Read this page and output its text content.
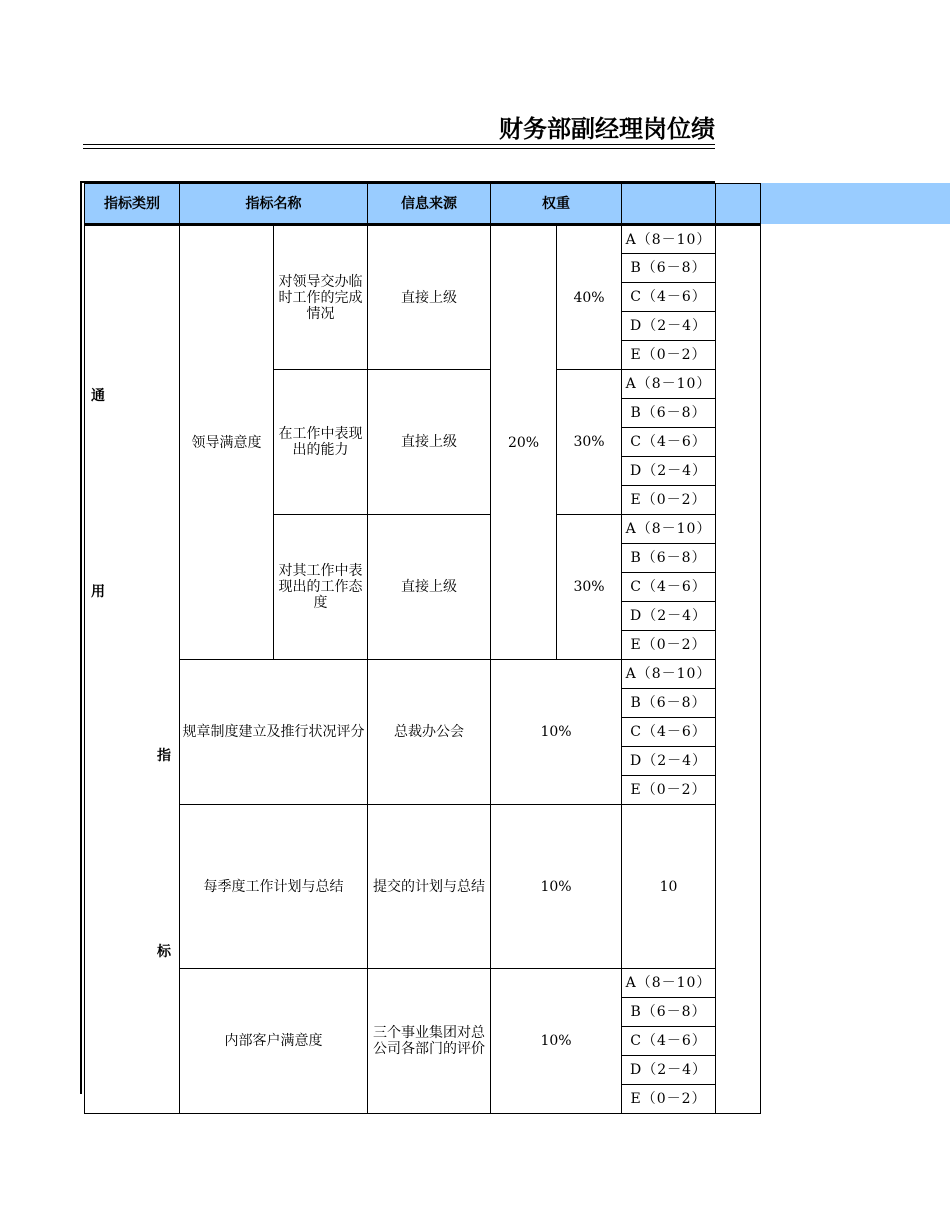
财务部副经理岗位绩
指标类别	指标名称		信息来源	权重			

通
用
指
标	领导满意度	对领导交办临时工作的完成情况	直接上级	20%	40%	A（8－10）	
						B（6－8）	
						C（4－6）	
						D（2－4）	
						E（0－2）	
		在工作中表现出的能力	直接上级		30%	A（8－10）	
						B（6－8）	
						C（4－6）	
						D（2－4）	
						E（0－2）	
		对其工作中表现出的工作态度	直接上级		30%	A（8－10）	
						B（6－8）	
						C（4－6）	
						D（2－4）	
						E（0－2）	
	规章制度建立及推行状况评分		总裁办公会	10%		A（8－10）	
						B（6－8）	
						C（4－6）	
						D（2－4）	
						E（0－2）	
	每季度工作计划与总结		提交的计划与总结	10%		10	
	内部客户满意度		三个事业集团对总公司各部门的评价	10%		A（8－10）	
						B（6－8）	
						C（4－6）	
						D（2－4）	
						E（0－2）	
